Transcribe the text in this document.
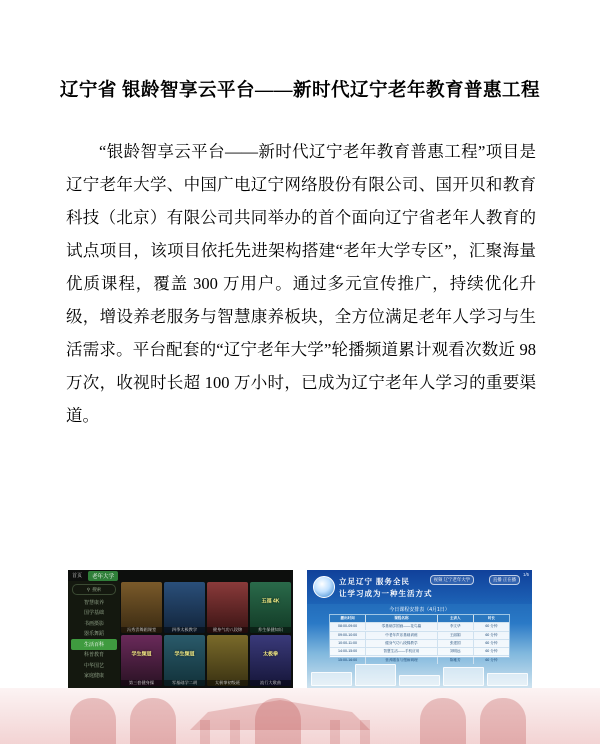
辽宁省 银龄智享云平台——新时代辽宁老年教育普惠工程

“银龄智享云平台——新时代辽宁老年教育普惠工程”项目是辽宁老年大学、中国广电辽宁网络股份有限公司、国开贝和教育科技（北京）有限公司共同举办的首个面向辽宁省老年人教育的试点项目，该项目依托先进架构搭建“老年大学专区”，汇聚海量优质课程，覆盖 300 万用户。通过多元宣传推广，持续优化升级，增设养老服务与智慧康养板块，全方位满足老年人学习与生活需求。平台配套的“辽宁老年大学”轮播频道累计观看次数近 98 万次，收视时长超 100 万小时，已成为辽宁老年人学习的重要渠道。

首页	老年大学
⚲ 搜索
智慧康养
国学基础
书画摄影
器乐舞蹈
生活百科
科普教育
中华国艺
家庭健康
冯秀雲舞蹈课堂	四季太极教学	健身气功八段锦
五福 4K
养生保健知识
学生频道
第三套健身操
学生频道
零基础学二胡	太极拳初级班
太极拳
流行大歌曲
立足辽宁 服务全民
让学习成为一种生活方式
视频 辽宁老年大学	直播 正在播
1/5
今日课程安排表（4月1日）
播出时间	课程名称	主讲人	时长
08:00-09:00	零基础学国画——花鸟篇	李文华	60 分钟
09:00-10:00	中老年声乐基础训练	王丽娟	60 分钟
10:00-11:00	健身气功八段锦教学	张建国	60 分钟
14:00-15:00	智慧生活——手机应用	刘明远	60 分钟
15:00-16:00	营养膳食与慢病调理	陈雅芳	60 分钟
